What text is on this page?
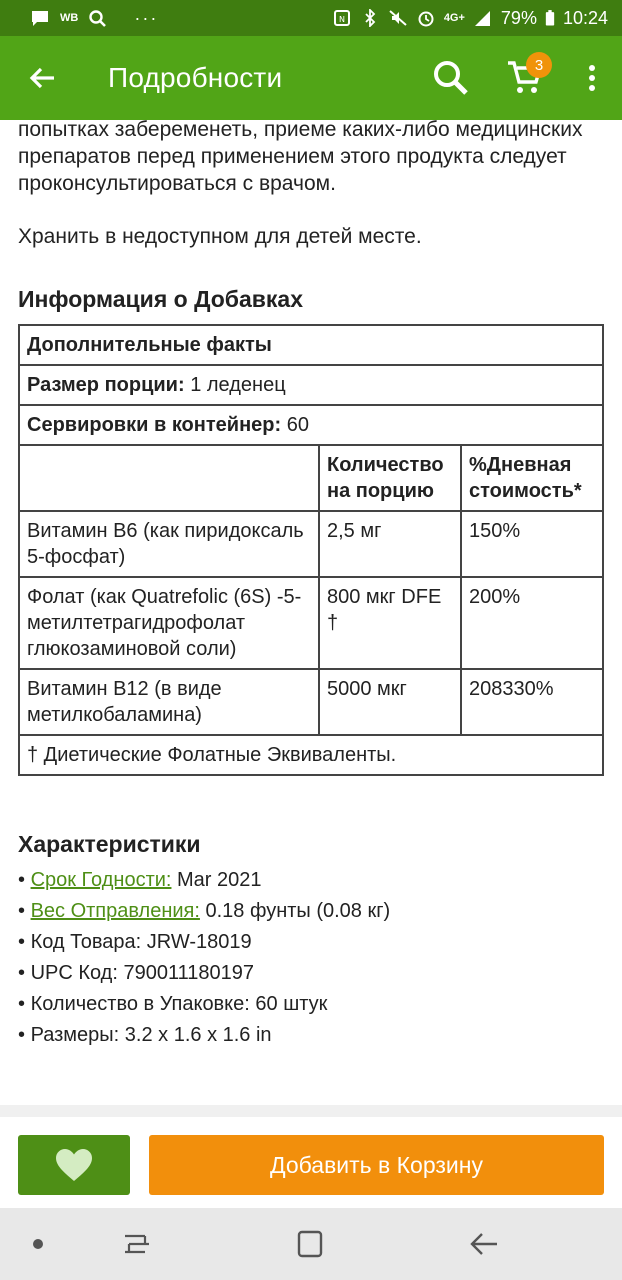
WB	···	N	4G+ 79% 10:24
Подробности	3
попытках забеременеть, приеме каких-либо медицинских препаратов перед применением этого продукта следует проконсультироваться с врачом.
Хранить в недоступном для детей месте.
Информация о Добавках
Дополнительные факты		
Размер порции: 1 леденец		
Сервировки в контейнер: 60		
	Количество на порцию	%Дневная стоимость*
Витамин B6 (как пиридоксаль 5-фосфат)	2,5 мг	150%
Фолат (как Quatrefolic (6S) -5-метилтетрагидрофолат глюкозаминовой соли)	800 мкг DFE †	200%
Витамин B12 (в виде метилкобаламина)	5000 мкг	208330%
† Диетические Фолатные Эквиваленты.		
Характеристики
• Срок Годности: Mar 2021
• Вес Отправления: 0.18 фунты (0.08 кг)
• Код Товара: JRW-18019
• UPC Код: 790011180197
• Количество в Упаковке: 60 штук
• Размеры: 3.2 x 1.6 x 1.6 in
Добавить в Корзину
